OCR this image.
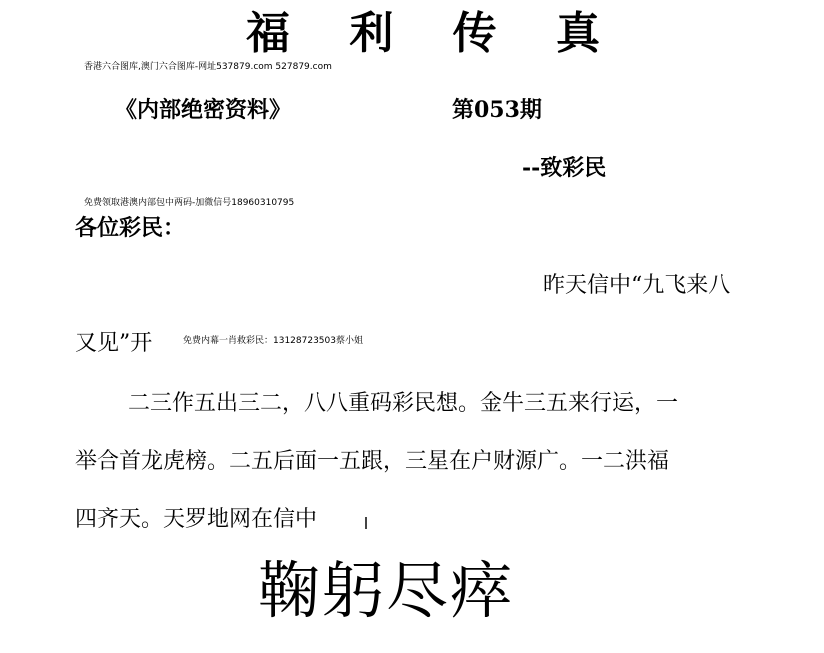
福 利 传 真
香港六合图库,澳门六合图库-网址537879.com 527879.com
《内部绝密资料》	第053期
--致彩民
免费领取港澳内部包中两码-加微信号18960310795
各位彩民：
昨天信中“九飞来八
又见”开	免费内幕一肖救彩民：13128723503蔡小姐
二三作五出三二，八八重码彩民想。金牛三五来行运，一
举合首龙虎榜。二五后面一五跟，三星在户财源广。一二洪福
四齐天。天罗地网在信中
鞠躬尽瘁
